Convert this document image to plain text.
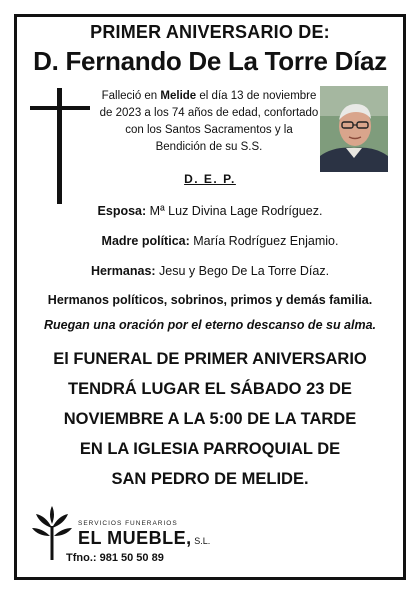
PRIMER ANIVERSARIO DE:
D. Fernando De La Torre Díaz
Falleció en Melide el día 13 de noviembre
de 2023 a los 74 años de edad, confortado
con los Santos Sacramentos y la
Bendición de su S.S.
D. E. P.
Esposa: Mª Luz Divina Lage Rodríguez.
Madre política: María Rodríguez Enjamio.
Hermanas: Jesu y Bego De La Torre Díaz.
Hermanos políticos, sobrinos, primos y demás familia.
Ruegan una oración por el eterno descanso de su alma.
El FUNERAL DE PRIMER ANIVERSARIO
TENDRÁ LUGAR EL SÁBADO 23 DE
NOVIEMBRE A LA 5:00 DE LA TARDE
EN LA IGLESIA PARROQUIAL DE
SAN PEDRO DE MELIDE.
SERVICIOS FUNERARIOS
EL MUEBLE, S.L.
Tfno.: 981 50 50 89
